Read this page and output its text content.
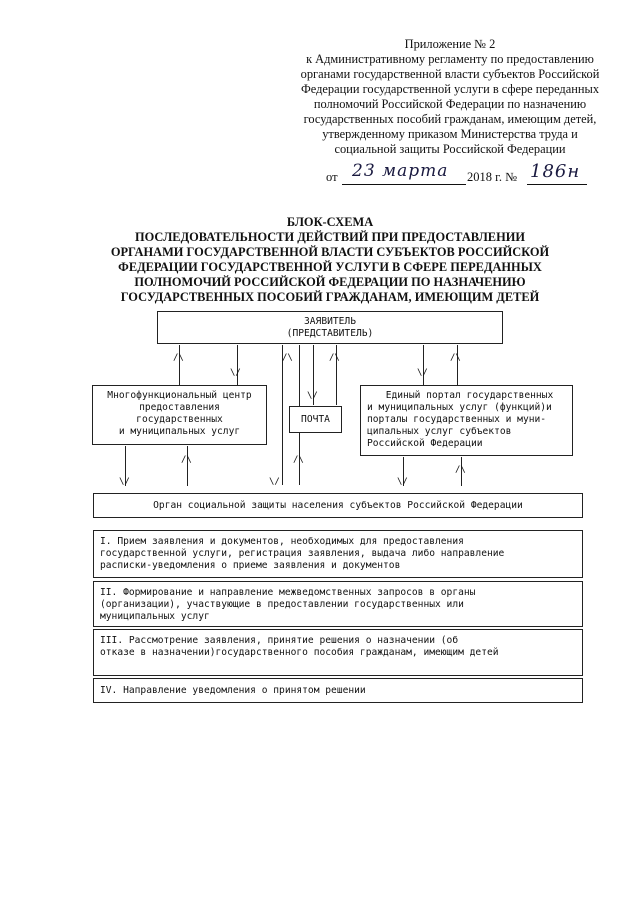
Приложение № 2
к Административному регламенту по предоставлению
органами государственной власти субъектов Российской
Федерации государственной услуги в сфере переданных
полномочий Российской Федерации по назначению
государственных пособий гражданам, имеющим детей,
утвержденному приказом Министерства труда и
социальной защиты Российской Федерации
от 23 марта 2018 г. № 186н
БЛОК-СХЕМА
ПОСЛЕДОВАТЕЛЬНОСТИ ДЕЙСТВИЙ ПРИ ПРЕДОСТАВЛЕНИИ
ОРГАНАМИ ГОСУДАРСТВЕННОЙ ВЛАСТИ СУБЪЕКТОВ РОССИЙСКОЙ
ФЕДЕРАЦИИ ГОСУДАРСТВЕННОЙ УСЛУГИ В СФЕРЕ ПЕРЕДАННЫХ
ПОЛНОМОЧИЙ РОССИЙСКОЙ ФЕДЕРАЦИИ ПО НАЗНАЧЕНИЮ
ГОСУДАРСТВЕННЫХ ПОСОБИЙ ГРАЖДАНАМ, ИМЕЮЩИМ ДЕТЕЙ
ЗАЯВИТЕЛЬ
(ПРЕДСТАВИТЕЛЬ)
/\
\/
/\	/\
\/
\/
/\
Многофункциональный центр
предоставления
государственных
и муниципальных услуг
ПОЧТА
Единый портал государственных
и муниципальных услуг (функций)и
порталы государственных и муни-
ципальных услуг субъектов
Российской Федерации
\/
/\
\/
/\
\/
/\
Орган социальной защиты населения субъектов Российской Федерации
I. Прием заявления и документов, необходимых для предоставления
государственной услуги, регистрация заявления, выдача либо направление
расписки-уведомления о приеме заявления и документов
II. Формирование и направление межведомственных запросов в органы
(организации), участвующие в предоставлении государственных или
муниципальных услуг
III. Рассмотрение заявления, принятие решения о назначении (об
отказе в назначении)государственного пособия гражданам, имеющим детей
IV. Направление уведомления о принятом решении
